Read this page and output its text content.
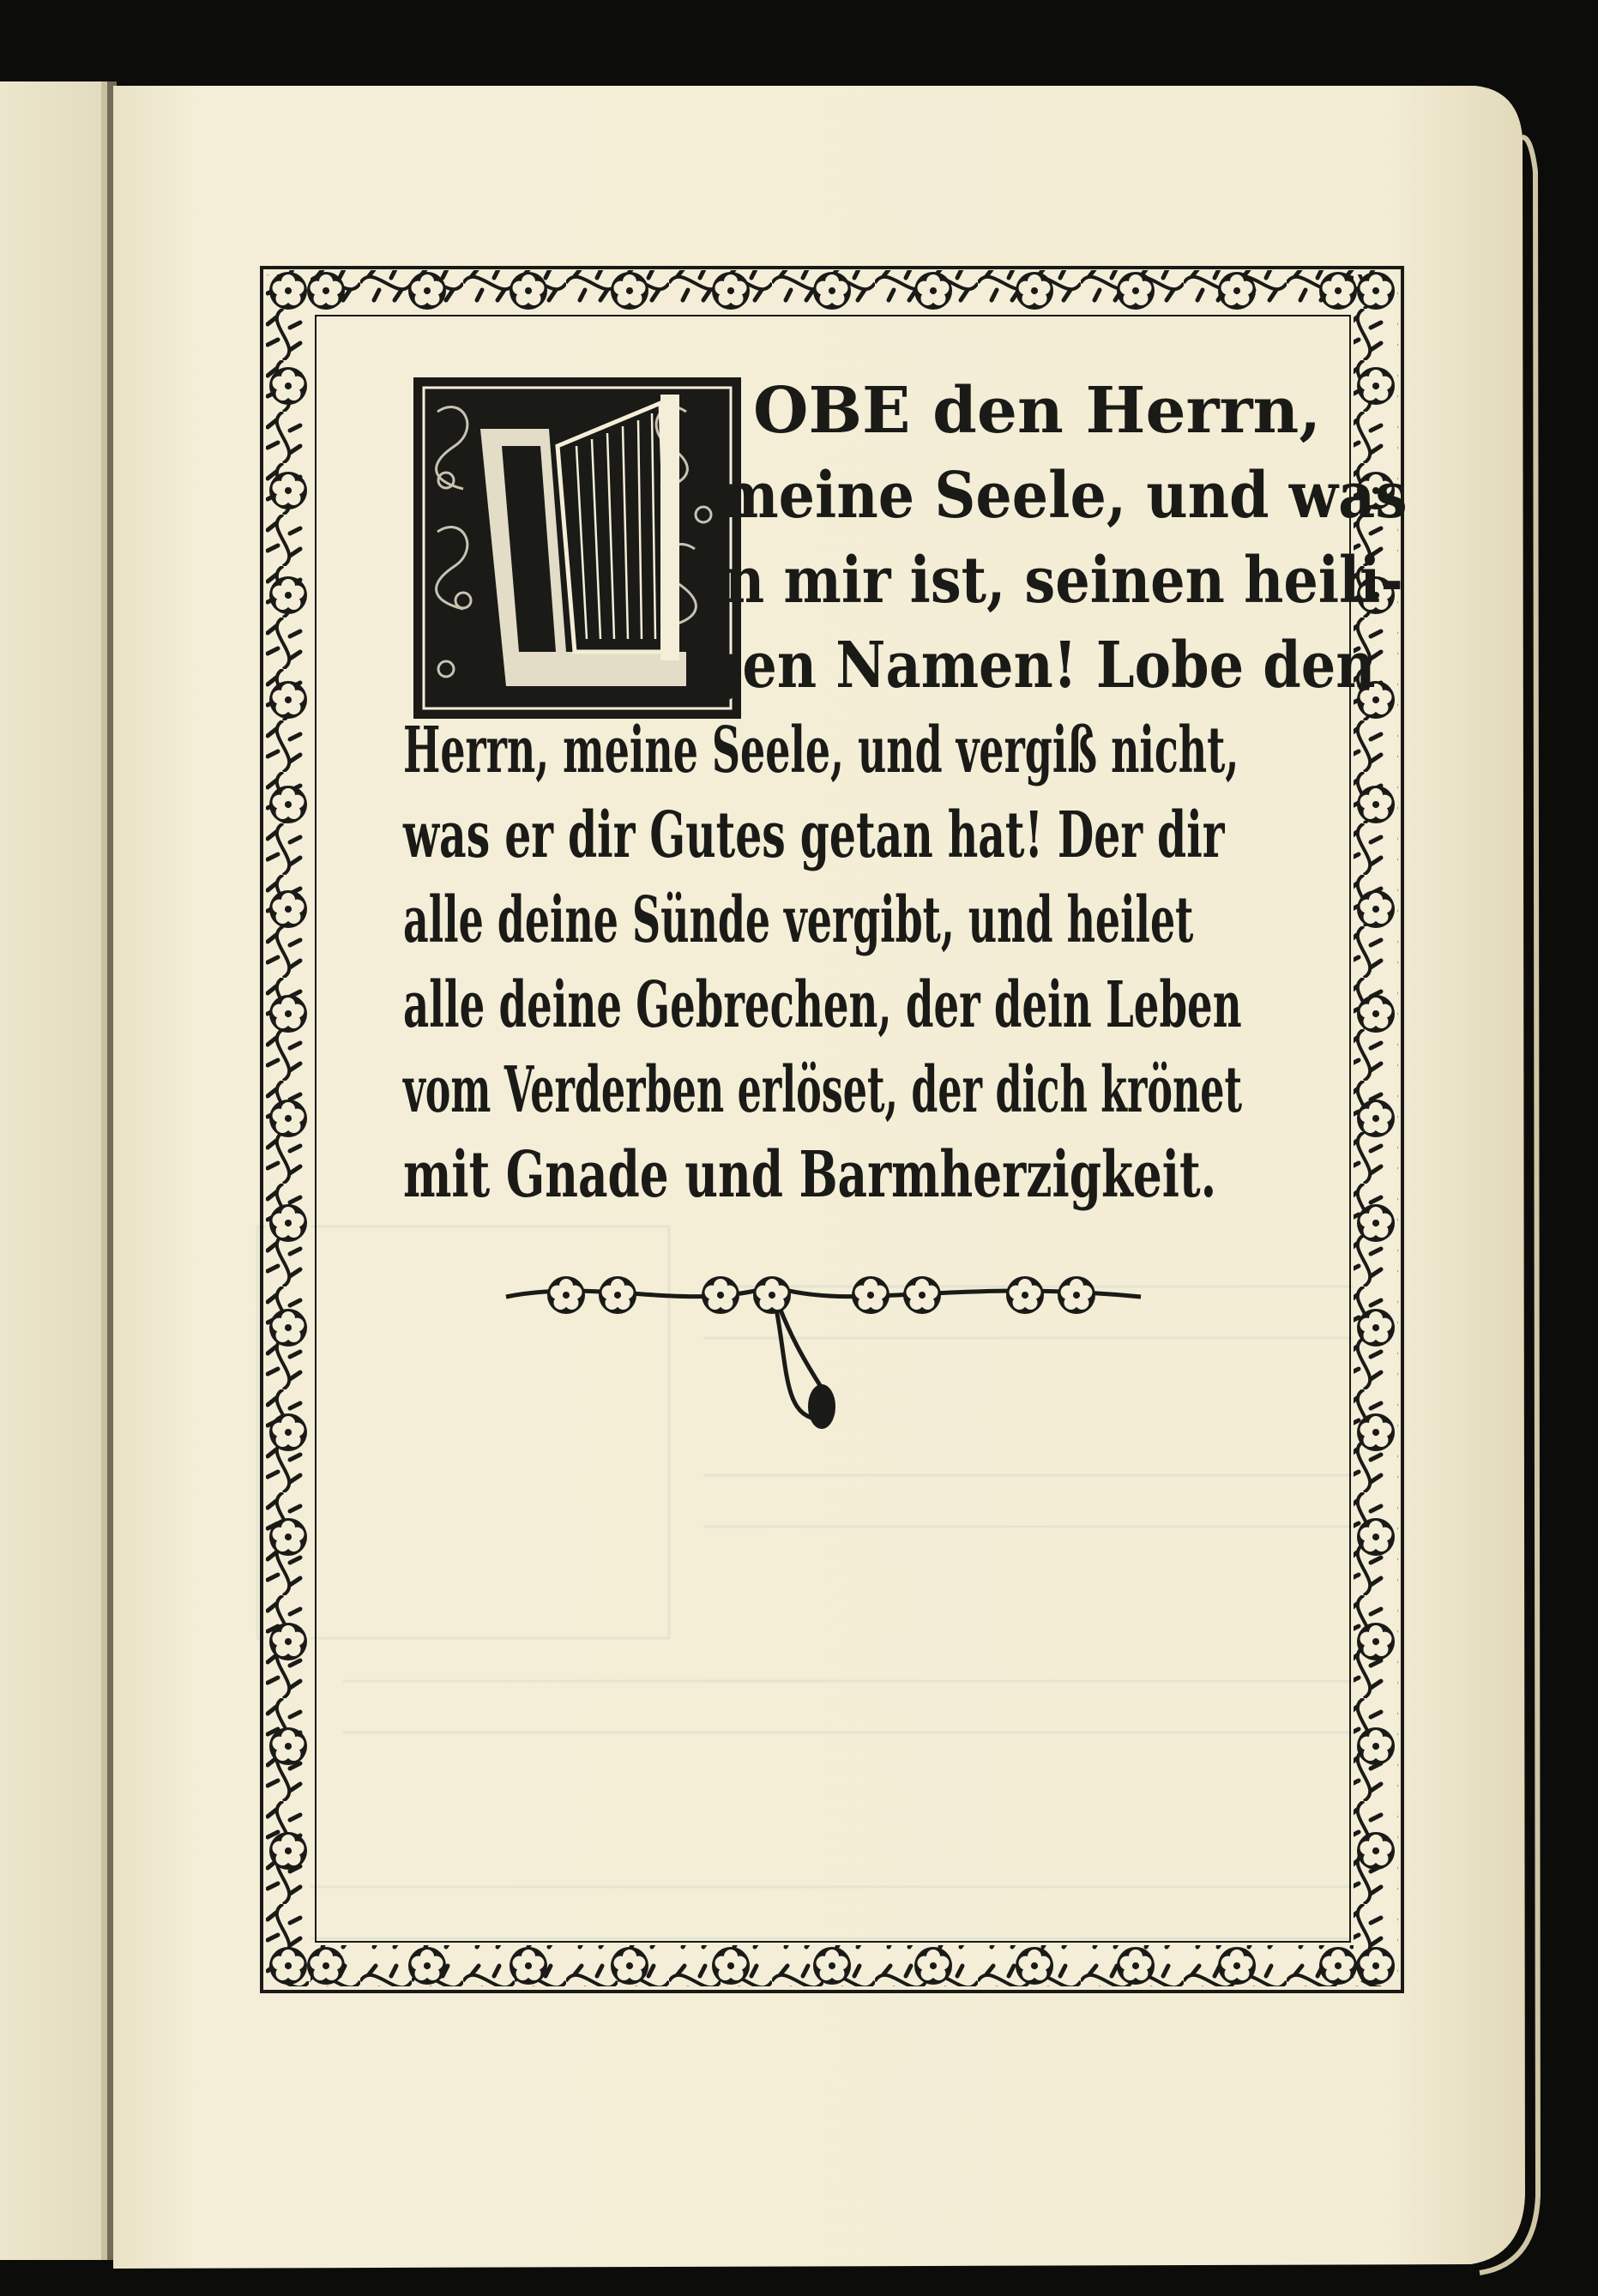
OBE den Herrn,
meine Seele, und was
in mir ist, seinen heili-
gen Namen! Lobe den
Herrn, meine Seele, und vergiß nicht,
was er dir Gutes getan hat! Der dir
alle deine Sünde vergibt, und heilet
alle deine Gebrechen, der dein Leben
vom Verderben erlöset, der dich krönet
mit Gnade und Barmherzigkeit.
